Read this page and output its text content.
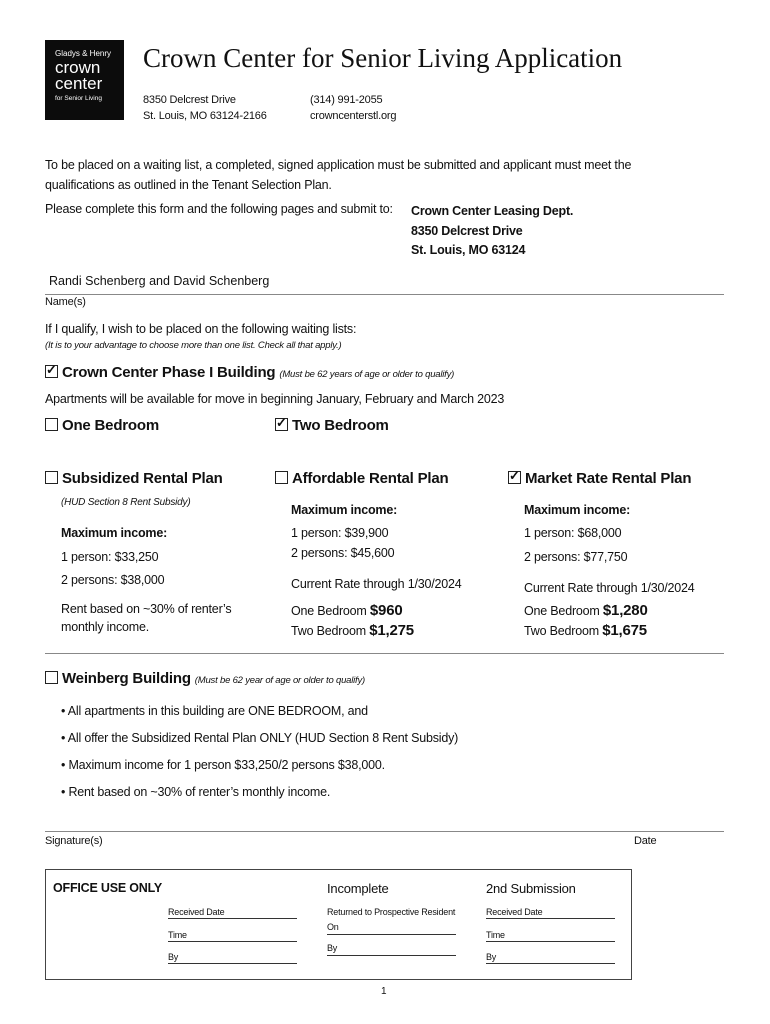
Gladys & Henry
crown
center
for Senior Living
Crown Center for Senior Living Application
8350 Delcrest Drive
St. Louis, MO 63124-2166
(314) 991-2055
crowncenterstl.org
To be placed on a waiting list, a completed, signed application must be submitted and applicant must meet the
qualifications as outlined in the Tenant Selection Plan.
Please complete this form and the following pages and submit to: Crown Center Leasing Dept.
8350 Delcrest Drive
St. Louis, MO 63124
Randi Schenberg and David Schenberg
Name(s)
If I qualify, I wish to be placed on the following waiting lists:
(It is to your advantage to choose more than one list. Check all that apply.)
✓Crown Center Phase I Building (Must be 62 years of age or older to qualify)
Apartments will be available for move in beginning January, February and March 2023
One Bedroom
✓	Two Bedroom
Subsidized Rental Plan
(HUD Section 8 Rent Subsidy)
Maximum income:
1 person: $33,250
2 persons: $38,000
Rent based on ~30% of renter’s
monthly income.
Affordable Rental Plan
Maximum income:
1 person: $39,900
2 persons: $45,600
Current Rate through 1/30/2024
One Bedroom $960
Two Bedroom $1,275
✓Market Rate Rental Plan
Maximum income:
1 person: $68,000
2 persons: $77,750
Current Rate through 1/30/2024
One Bedroom $1,280
Two Bedroom $1,675
Weinberg Building (Must be 62 year of age or older to qualify)
• All apartments in this building are ONE BEDROOM, and
• All offer the Subsidized Rental Plan ONLY (HUD Section 8 Rent Subsidy)
• Maximum income for 1 person $33,250/2 persons $38,000.
• Rent based on ~30% of renter’s monthly income.
Signature(s)	Date
OFFICE USE ONLY	Incomplete	2nd Submission
Received Date
Time
By
Returned to Prospective Resident
On
By
Received Date
Time
By
1
